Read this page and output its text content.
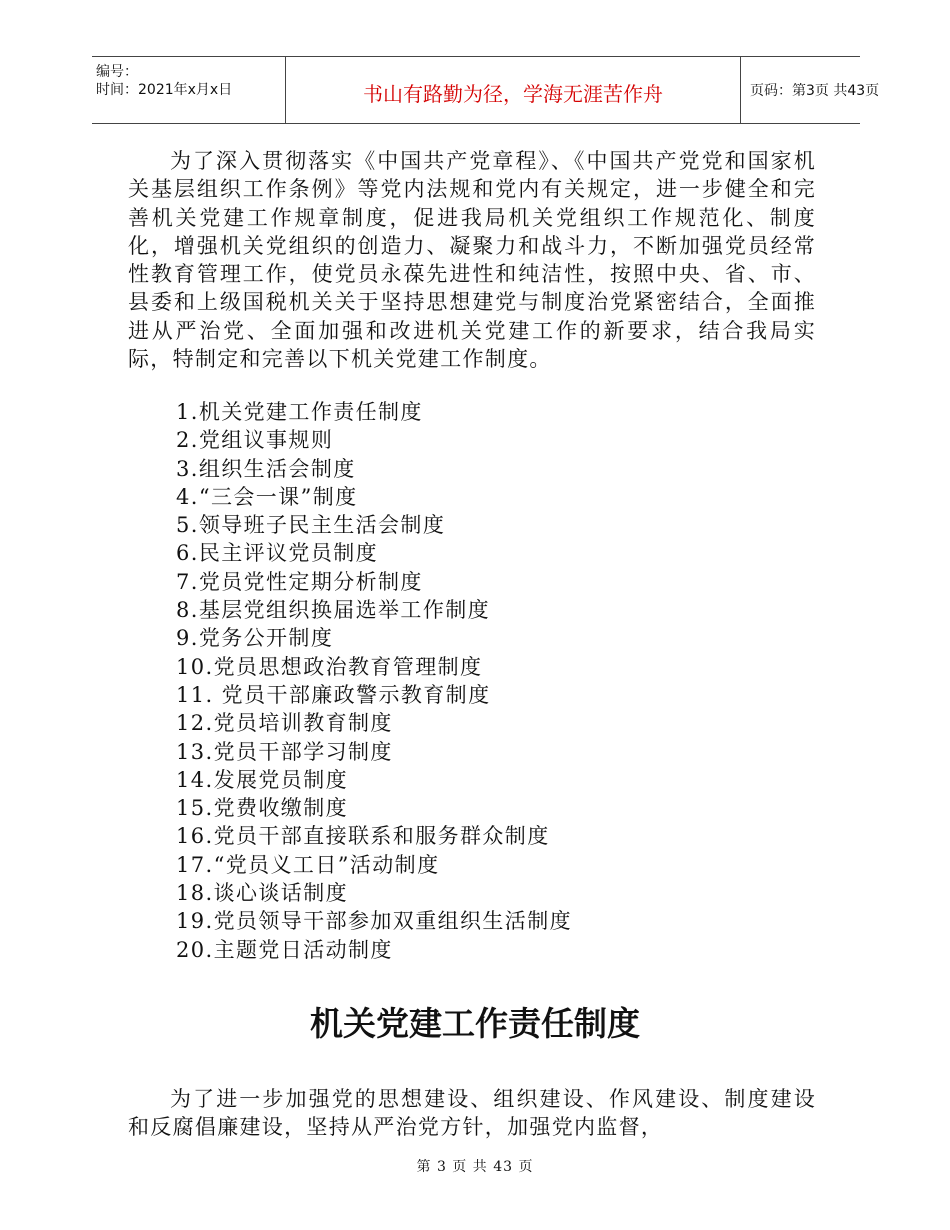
编号：
时间：2021年x月x日	书山有路勤为径，学海无涯苦作舟	页码：第3页 共43页

为了深入贯彻落实《中国共产党章程》、《中国共产党党和国家机关基层组织工作条例》等党内法规和党内有关规定，进一步健全和完善机关党建工作规章制度，促进我局机关党组织工作规范化、制度化，增强机关党组织的创造力、凝聚力和战斗力，不断加强党员经常性教育管理工作，使党员永葆先进性和纯洁性，按照中央、省、市、县委和上级国税机关关于坚持思想建党与制度治党紧密结合，全面推进从严治党、全面加强和改进机关党建工作的新要求，结合我局实际，特制定和完善以下机关党建工作制度。

1.机关党建工作责任制度
2.党组议事规则
3.组织生活会制度
4.“三会一课”制度
5.领导班子民主生活会制度
6.民主评议党员制度
7.党员党性定期分析制度
8.基层党组织换届选举工作制度
9.党务公开制度
10.党员思想政治教育管理制度
11. 党员干部廉政警示教育制度
12.党员培训教育制度
13.党员干部学习制度
14.发展党员制度
15.党费收缴制度
16.党员干部直接联系和服务群众制度
17.“党员义工日”活动制度
18.谈心谈话制度
19.党员领导干部参加双重组织生活制度
20.主题党日活动制度
机关党建工作责任制度

为了进一步加强党的思想建设、组织建设、作风建设、制度建设和反腐倡廉建设，坚持从严治党方针，加强党内监督，

第 3 页 共 43 页
